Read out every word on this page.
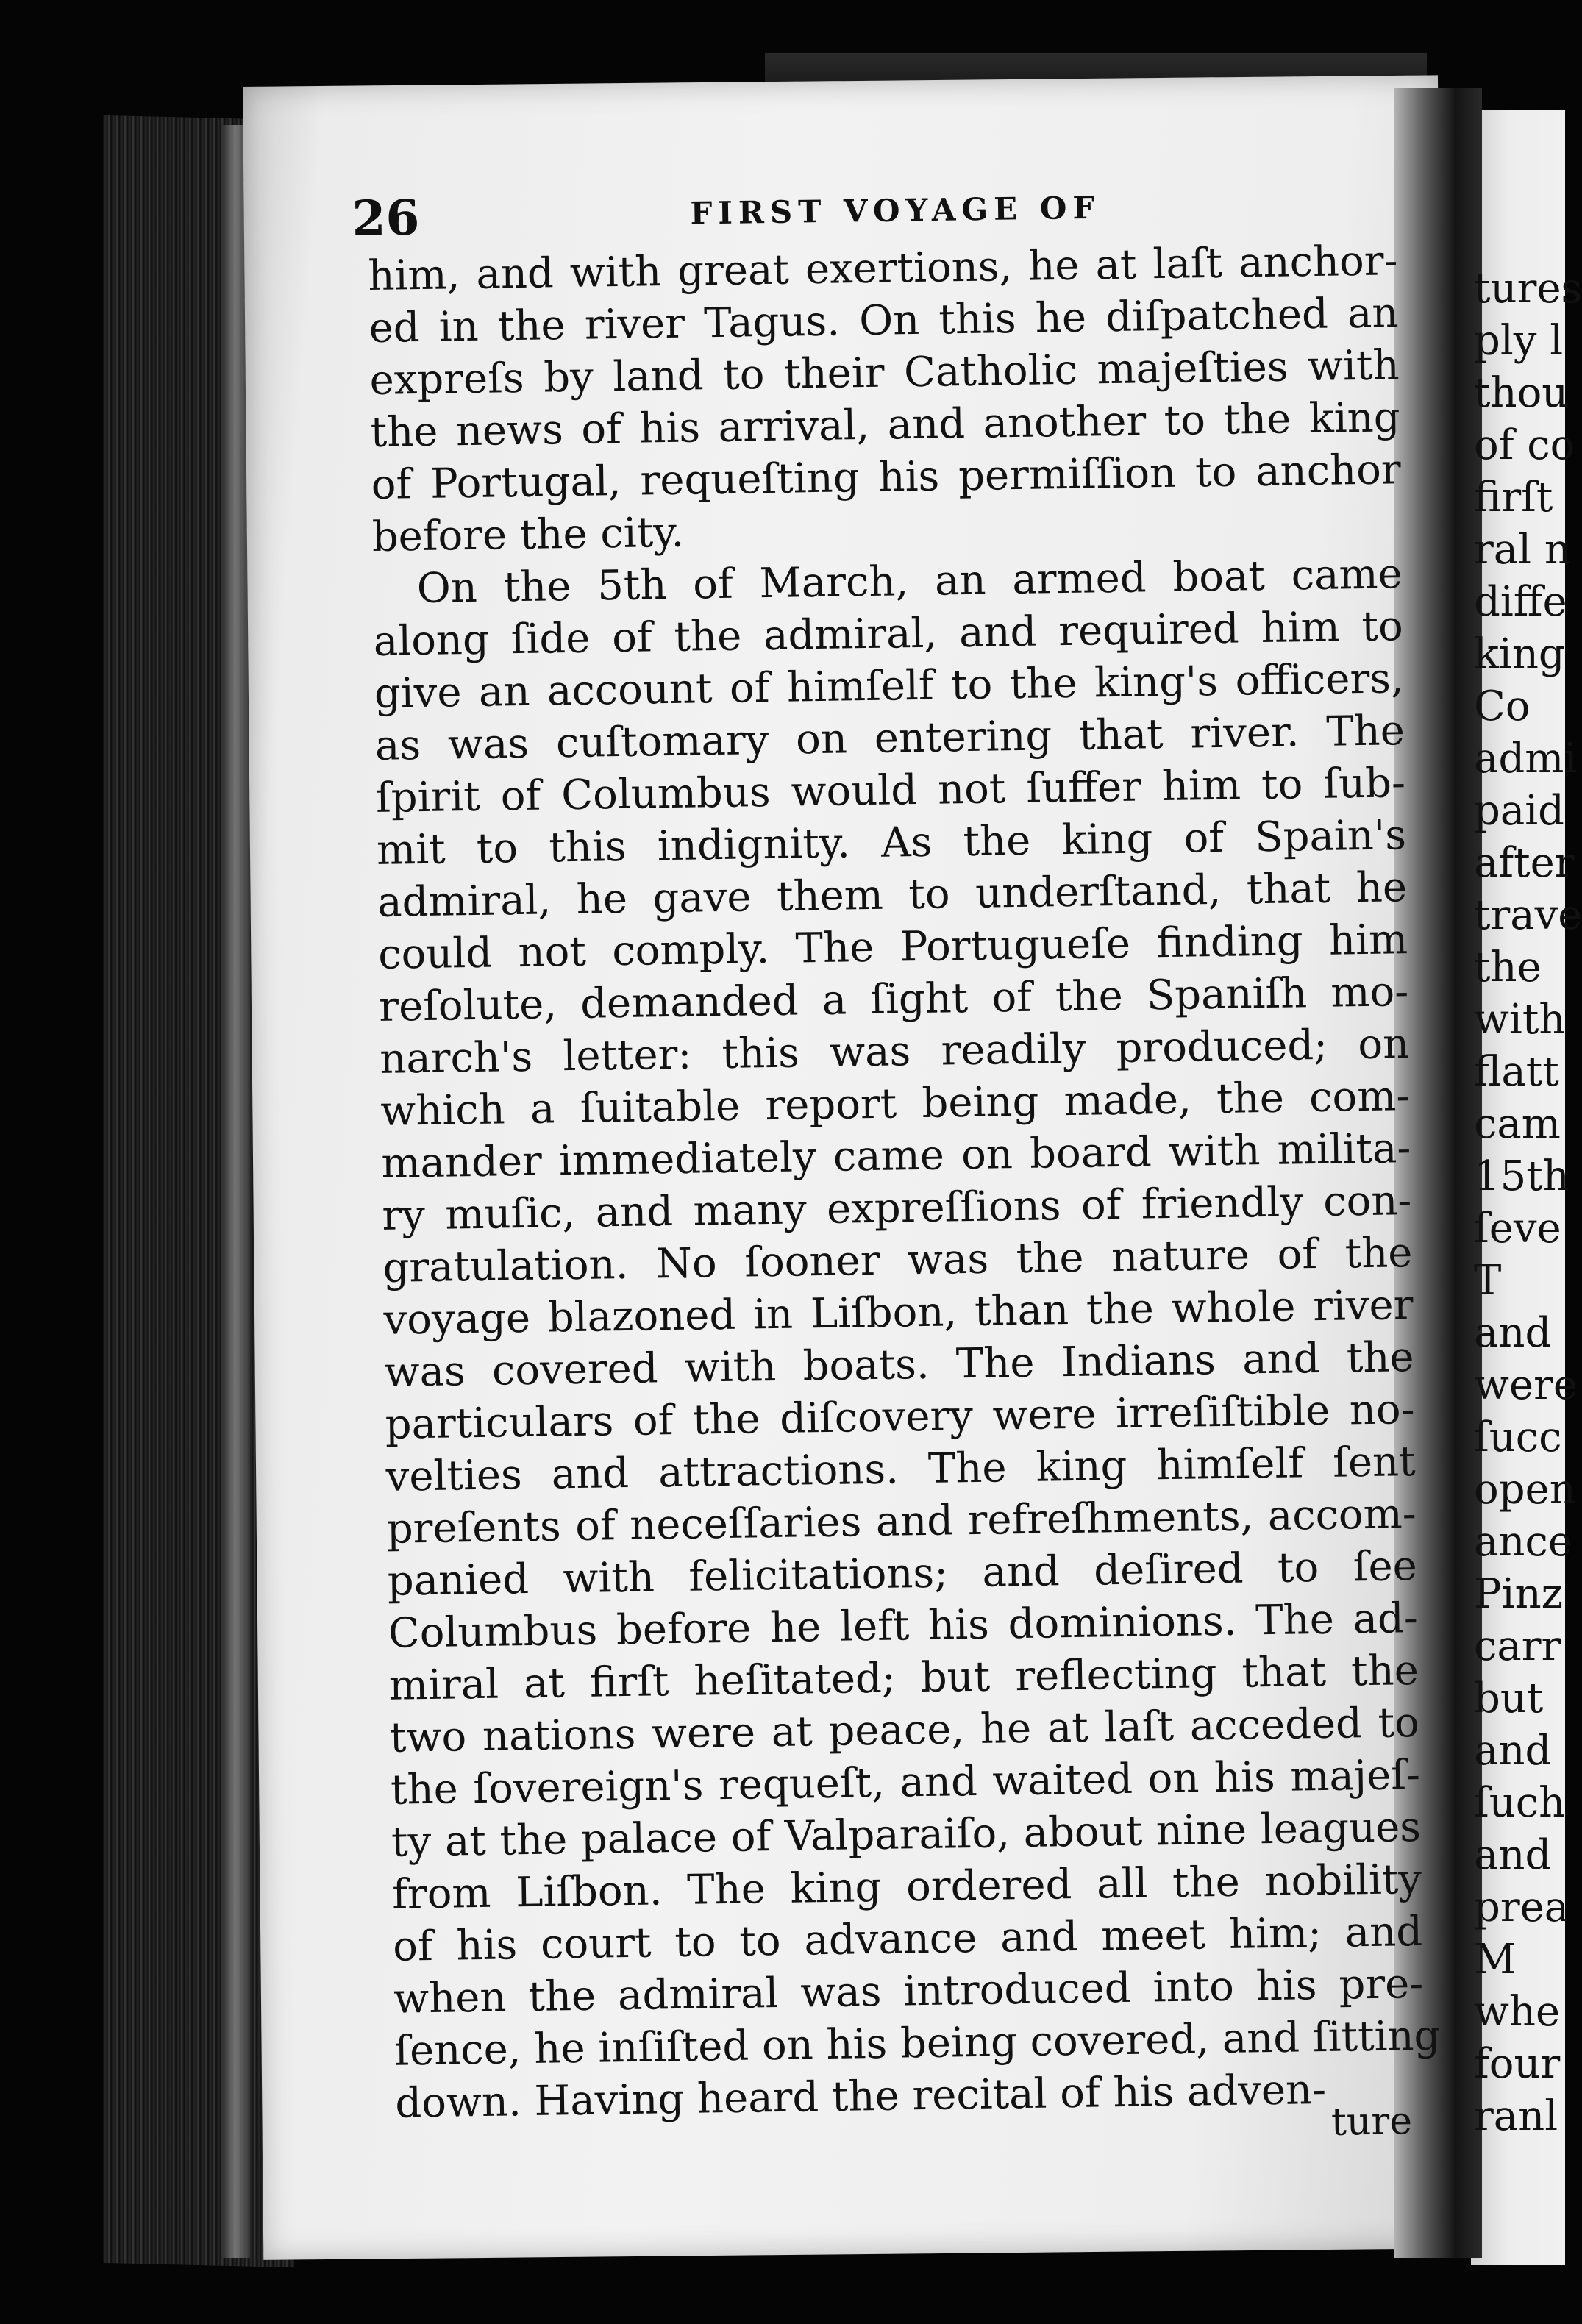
26	FIRST VOYAGE OF
him, and with great exertions, he at laſt anchor-
ed in the river Tagus. On this he diſpatched an
expreſs by land to their Catholic majeſties with
the news of his arrival, and another to the king
of Portugal, requeſting his permiſſion to anchor
before the city.
On the 5th of March, an armed boat came
along ſide of the admiral, and required him to
give an account of himſelf to the king's officers,
as was cuſtomary on entering that river. The
ſpirit of Columbus would not ſuffer him to ſub-
mit to this indignity. As the king of Spain's
admiral, he gave them to underſtand, that he
could not comply. The Portugueſe finding him
reſolute, demanded a ſight of the Spaniſh mo-
narch's letter: this was readily produced; on
which a ſuitable report being made, the com-
mander immediately came on board with milita-
ry muſic, and many expreſſions of friendly con-
gratulation. No ſooner was the nature of the
voyage blazoned in Liſbon, than the whole river
was covered with boats. The Indians and the
particulars of the diſcovery were irreſiſtible no-
velties and attractions. The king himſelf ſent
preſents of neceſſaries and refreſhments, accom-
panied with felicitations; and deſired to ſee
Columbus before he left his dominions. The ad-
miral at firſt heſitated; but reflecting that the
two nations were at peace, he at laſt acceded to
the ſovereign's requeſt, and waited on his majeſ-
ty at the palace of Valparaiſo, about nine leagues
from Liſbon. The king ordered all the nobility
of his court to to advance and meet him; and
when the admiral was introduced into his pre-
ſence, he inſiſted on his being covered, and ſitting
down. Having heard the recital of his adven- ture
tures
ply l
thou
of co
firſt
ral n
diffe
king
Co
admi
paid
after
trave
the
with
flatt
cam
15th
ſeve
T
and
were
ſucc
open
ance
Pinz
carr
but
and
ſuch
and
prea
M
whe
four
ranl
